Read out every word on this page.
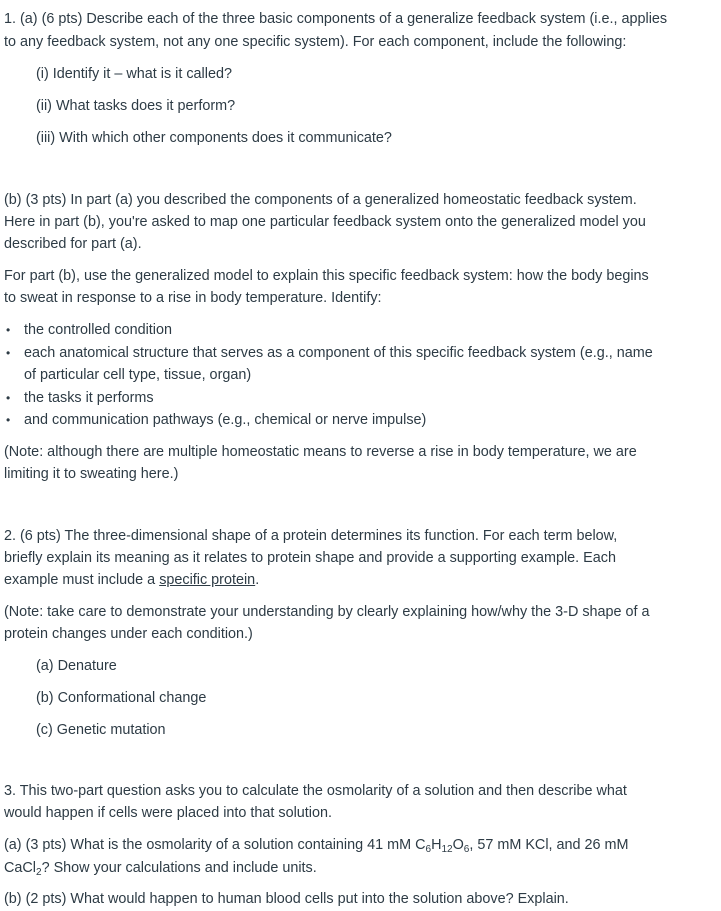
1. (a) (6 pts) Describe each of the three basic components of a generalize feedback system (i.e., applies
to any feedback system, not any one specific system). For each component, include the following:
(i) Identify it – what is it called?
(ii) What tasks does it perform?
(iii) With which other components does it communicate?
(b) (3 pts) In part (a) you described the components of a generalized homeostatic feedback system.
Here in part (b), you're asked to map one particular feedback system onto the generalized model you
described for part (a).
For part (b), use the generalized model to explain this specific feedback system: how the body begins
to sweat in response to a rise in body temperature. Identify:
• the controlled condition
• each anatomical structure that serves as a component of this specific feedback system (e.g., name
of particular cell type, tissue, organ)
• the tasks it performs
• and communication pathways (e.g., chemical or nerve impulse)
(Note: although there are multiple homeostatic means to reverse a rise in body temperature, we are
limiting it to sweating here.)
2. (6 pts) The three-dimensional shape of a protein determines its function. For each term below,
briefly explain its meaning as it relates to protein shape and provide a supporting example. Each
example must include a specific protein.
(Note: take care to demonstrate your understanding by clearly explaining how/why the 3-D shape of a
protein changes under each condition.)
(a) Denature
(b) Conformational change
(c) Genetic mutation
3. This two-part question asks you to calculate the osmolarity of a solution and then describe what
would happen if cells were placed into that solution.
(a) (3 pts) What is the osmolarity of a solution containing 41 mM $C_6H_{12}O_6$, 57 mM KCl, and 26 mM
CaCl$_2$? Show your calculations and include units.
(b) (2 pts) What would happen to human blood cells put into the solution above? Explain.
